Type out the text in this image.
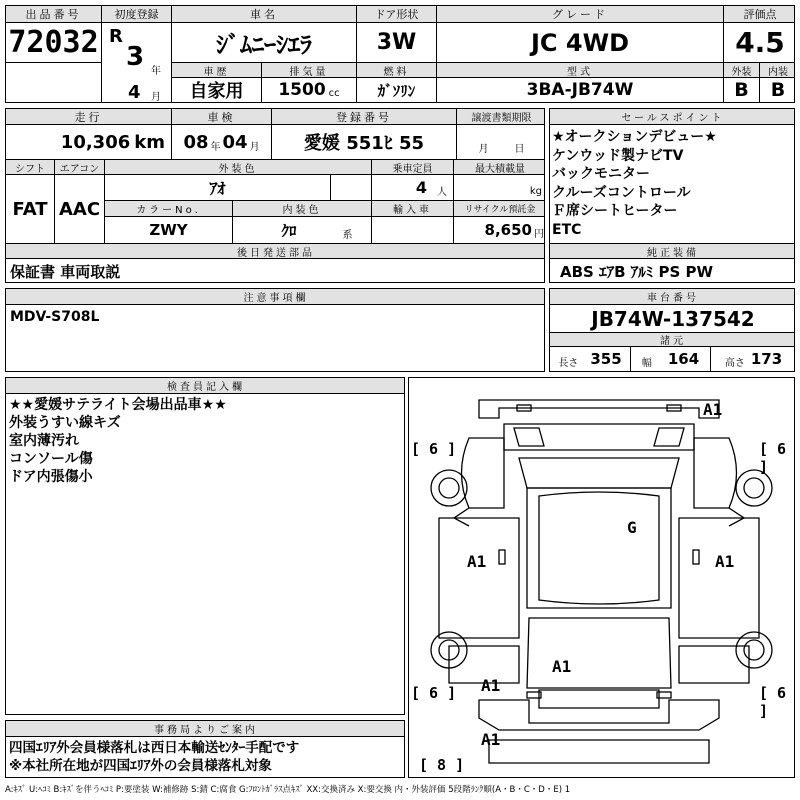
出品番号
72032
初度登録
R
3 年
4 月
車名
ｼﾞﾑﾆｰｼｴﾗ
ドア形状
3W
グレード
JC 4WD
評価点
4.5
車歴
自家用
排気量
1500 cc
燃料
ｶﾞｿﾘﾝ
型式
3BA-JB74W
外装
B
内装
B
走行
10,306 km
車検
08 年 04 月
登録番号
愛媛 551ﾋ 55
譲渡書類期限
月	日
シフト
FAT
エアコン
AAC
外装色
ｱｵ
乗車定員
4 人
最大積載量
kg
カラーNo.
ZWY
内装色
ｸﾛ	系
輸入車	リサイクル預託金
8,650 円
後日発送部品
保証書 車両取説
セールスポイント
★オークションデビュー★
ケンウッド製ナビTV
バックモニター
クルーズコントロール
Ｆ席シートヒーター
ETC
純正装備
ABS ｴｱB ｱﾙﾐ PS PW
注意事項欄
MDV-S708L
車台番号
JB74W-137542
諸元
長さ 355 幅 164	高さ 173
検査員記入欄
★★愛媛サテライト会場出品車★★
外装うすい線キズ
室内薄汚れ
コンソール傷
ドア内張傷小
事務局よりご案内
四国ｴﾘｱ外会員様落札は西日本輸送ｾﾝﾀｰ手配です
※本社所在地が四国ｴﾘｱ外の会員様落札対象
A1
A1	A1
G
A1
A1
A1
[ 6 ]	[ 6 ]
[ 6 ]	[ 6 ]
[ 8 ]
A:ｷｽﾞ U:ﾍｺﾐ B:ｷｽﾞを伴うﾍｺﾐ P:要塗装 W:補修跡 S:錆 C:腐食 G:ﾌﾛﾝﾄｶﾞﾗｽ点ｷｽﾞ XX:交換済み X:要交換 内・外装評価 5段階ﾗﾝｸ順(A・B・C・D・E) 1
